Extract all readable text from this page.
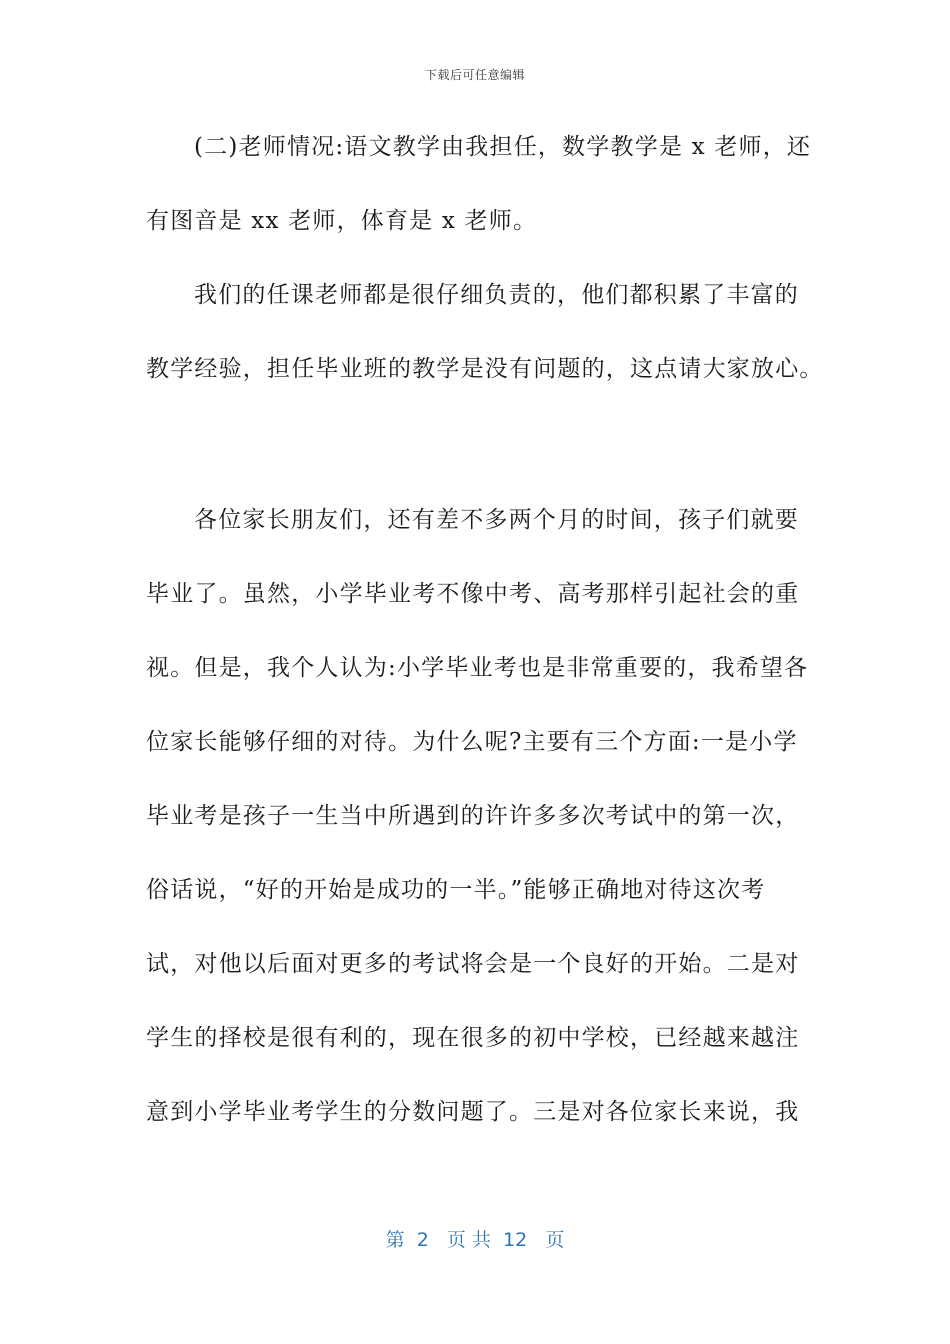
下载后可任意编辑
(二)老师情况:语文教学由我担任，数学教学是 x 老师，还
有图音是 xx 老师，体育是 x 老师。
我们的任课老师都是很仔细负责的，他们都积累了丰富的
教学经验，担任毕业班的教学是没有问题的，这点请大家放心。
各位家长朋友们，还有差不多两个月的时间，孩子们就要
毕业了。虽然，小学毕业考不像中考、高考那样引起社会的重
视。但是，我个人认为:小学毕业考也是非常重要的，我希望各
位家长能够仔细的对待。为什么呢?主要有三个方面:一是小学
毕业考是孩子一生当中所遇到的许许多多次考试中的第一次，
俗话说，“好的开始是成功的一半。”能够正确地对待这次考
试，对他以后面对更多的考试将会是一个良好的开始。二是对
学生的择校是很有利的，现在很多的初中学校，已经越来越注
意到小学毕业考学生的分数问题了。三是对各位家长来说，我
第  2   页 共  12   页
